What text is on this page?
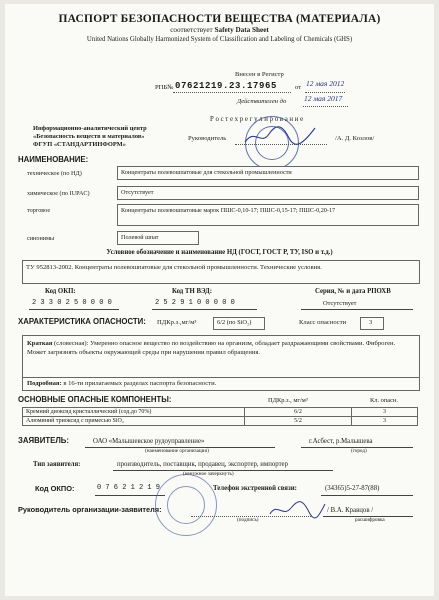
ПАСПОРТ БЕЗОПАСНОСТИ ВЕЩЕСТВА (МАТЕРИАЛА)
соответствует Safety Data Sheet
United Nations Globally Harmonized System of Classification and Labeling of Chemicals (GHS)
Внесен в Регистр
РПБ№ 07621219.23.17965	от 12 мая 2012
Действителен до 12 мая 2017
Р о с т е х р е г у л и р о в а н и е
Информационно-аналитический центр
«Безопасность веществ и материалов»
ФГУП «СТАНДАРТИНФОРМ»
Руководитель	/А. Д. Козлов/
НАИМЕНОВАНИЕ:
техническое (по НД)	Концентраты полевошпатовые для стекольной промышленности
химическое (по IUPAC)	Отсутствует
торговое	Концентраты полевошпатовые марок ПШС-0,10-17; ПШС-0,15-17; ПШС-0,20-17
синонимы	Полевой шпат
Условное обозначение и наименование НД (ГОСТ, ГОСТ Р, ТУ, ISO и т.д.)
ТУ 952813-2002. Концентраты полевошпатовые для стекольной промышленности. Технические условия.
Код ОКП:
2 3 3 0 2 5 0 0 0 0
Код ТН ВЭД:
2 5 2 9 1 0 0 0 0 0
Серия, № и дата РПОХВ
Отсутствует
ХАРАКТЕРИСТИКА ОПАСНОСТИ: ПДКр.з.,мг/м³	6/2 (по SiO₂)	Класс опасности	3
Краткая (словесная): Умеренно опасное вещество по воздействию на организм, обладает раздражающими свойствами. Фиброген. Может загрязнять объекты окружающей среды при нарушении правил обращения.
Подробная: в 16-ти прилагаемых разделах паспорта безопасности.
ОСНОВНЫЕ ОПАСНЫЕ КОМПОНЕНТЫ:	ПДКр.з., мг/м³	Кл. опасн.
Кремний диоксид кристаллический (сод.до 70%)	6/2	3
Алюминий триоксид с примесью SiO₂	5/2	3
ЗАЯВИТЕЛЬ:	ОАО «Малышевское рудоуправление»
(наименование организации)
г.Асбест, р.Малышева
(город)
Тип заявителя:	производитель, поставщик, продавец, экспортер, импортер
(ненужное зачеркнуть)
Код ОКПО:	0 7 6 2 1 2 1 9	Телефон экстренной связи:	(34365)5-27-87(88)
Руководитель организации-заявителя:	/ В.А. Кравцов /
(подпись)	расшифровка
